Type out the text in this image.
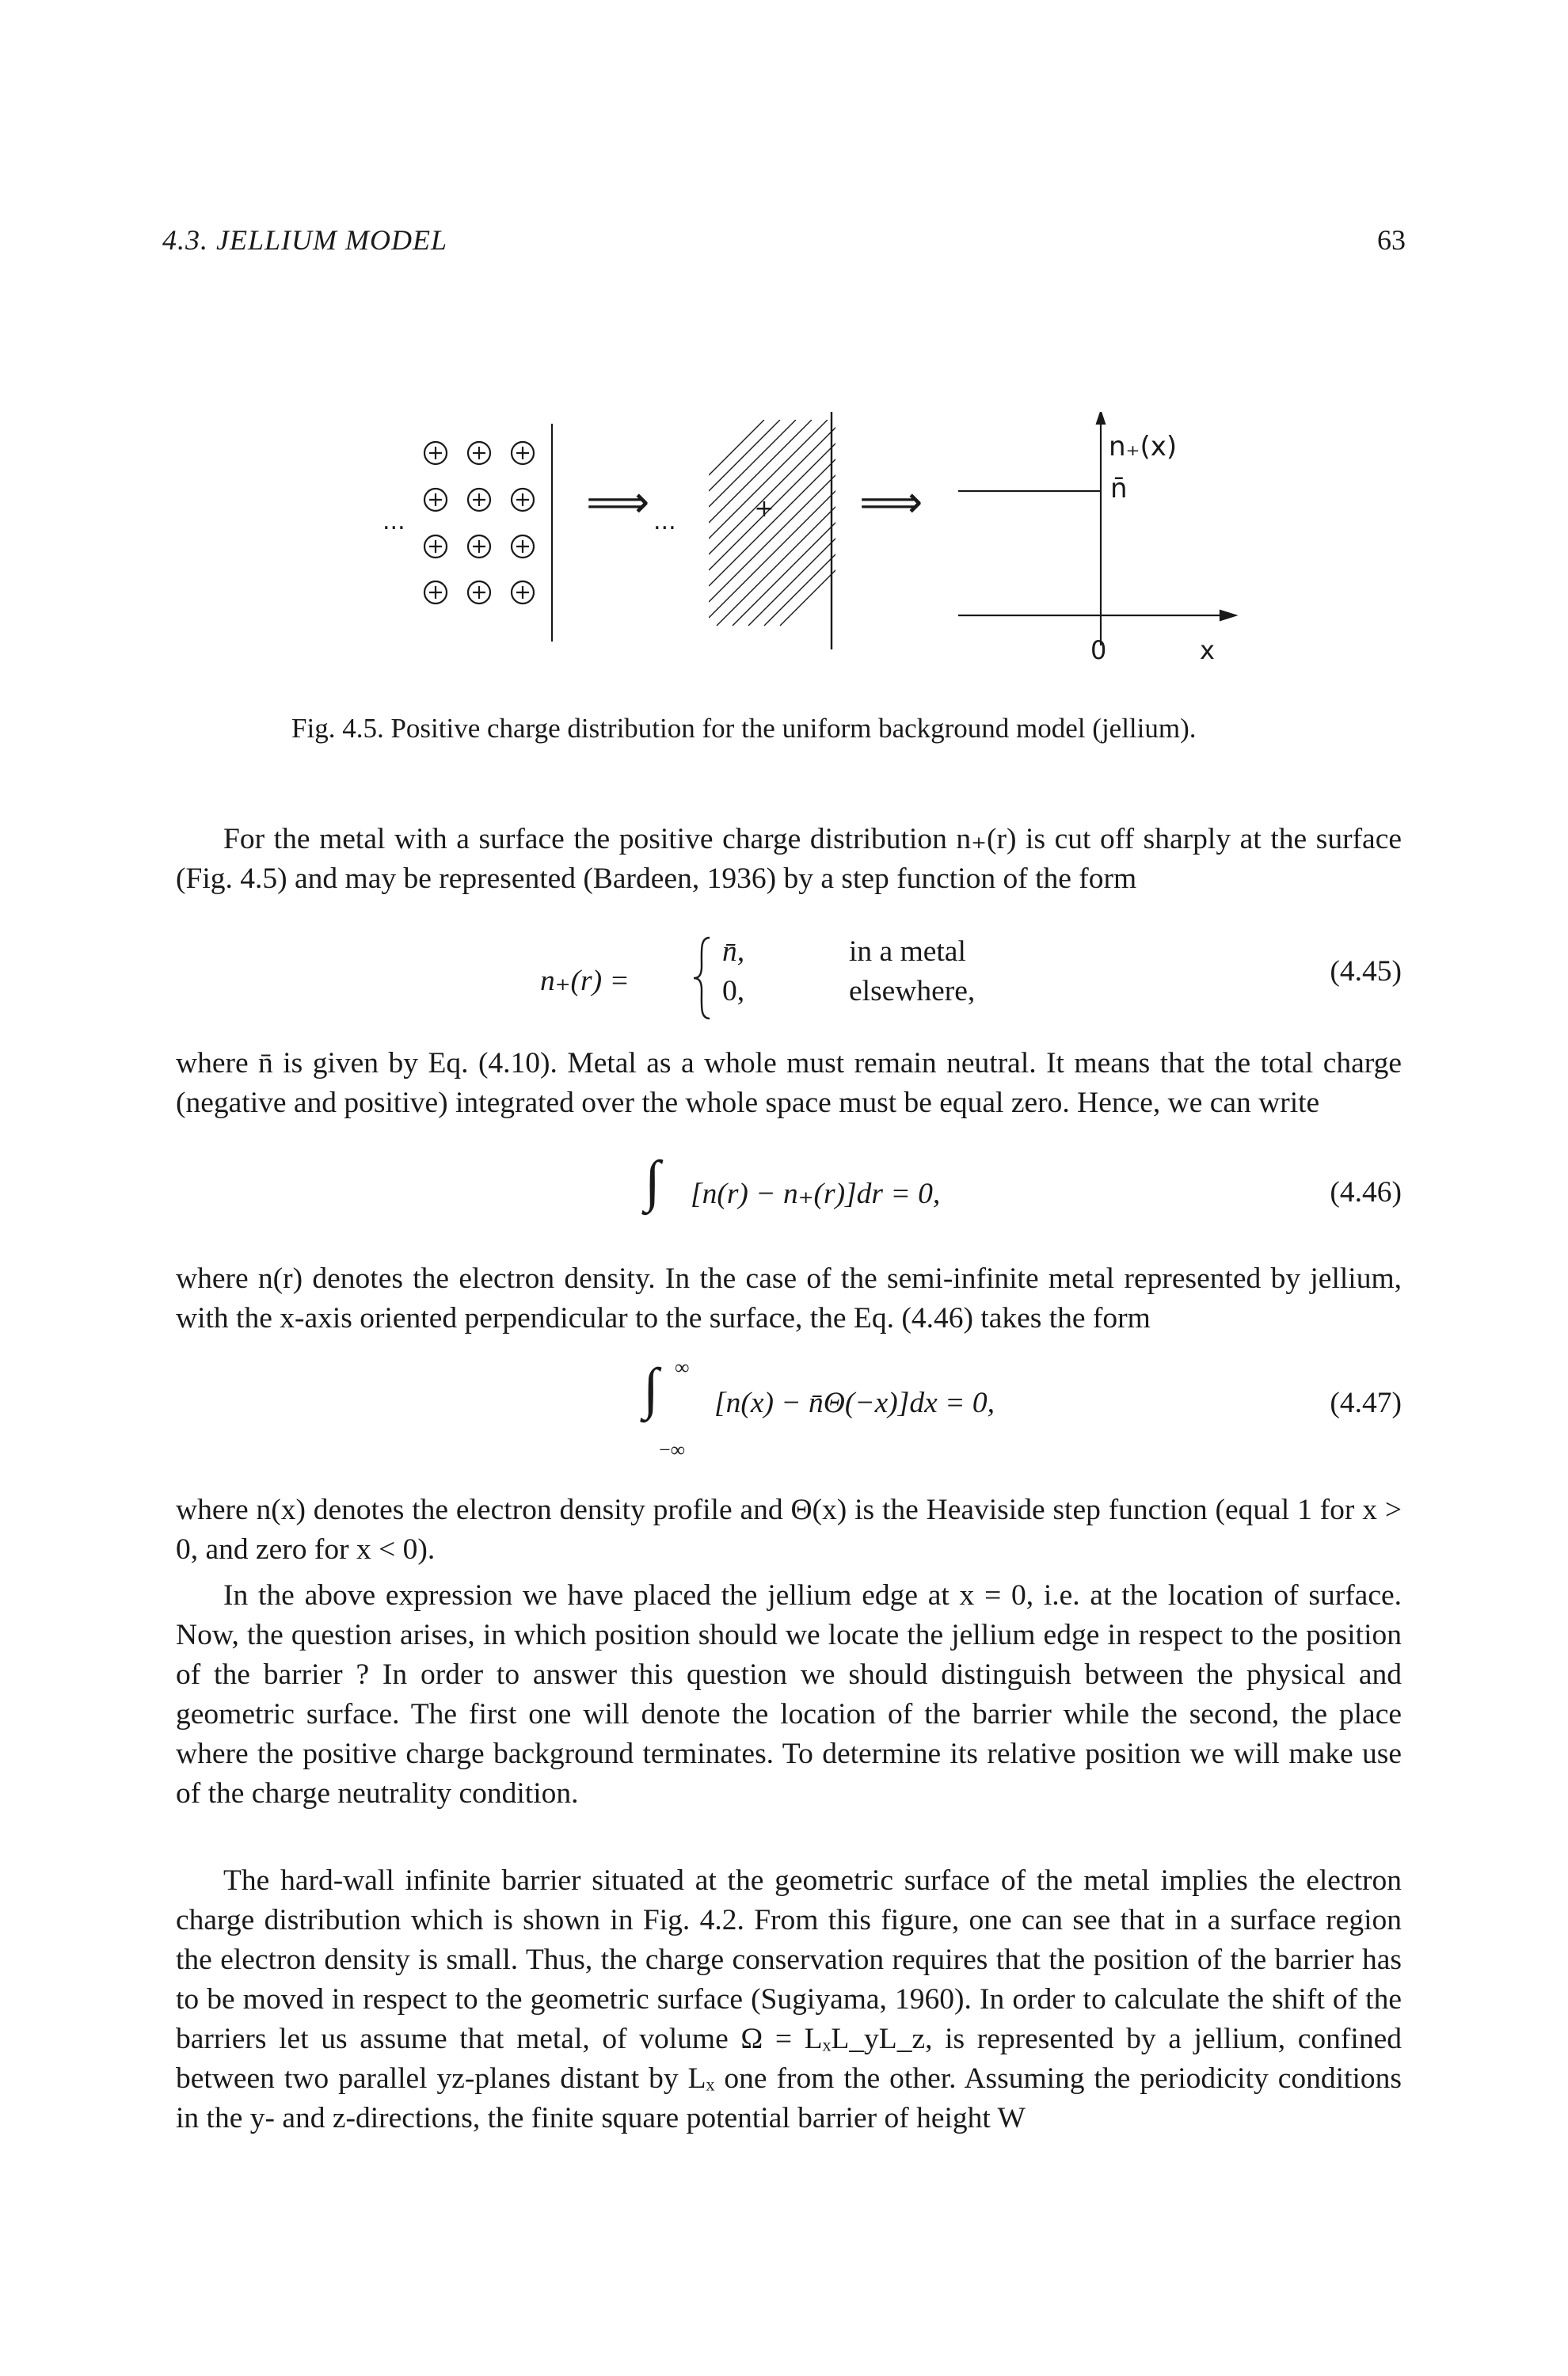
4.3. JELLIUM MODEL	63
...	⟹ ...	+ ⟹
n₊(x)
n̄
0	x
Fig. 4.5. Positive charge distribution for the uniform background model (jellium).

For the metal with a surface the positive charge distribution n₊(r) is cut off sharply at the surface (Fig. 4.5) and may be represented (Bardeen, 1936) by a step function of the form

n₊(r) =
n̄,	in a metal
0,	elsewhere,
(4.45)

where n̄ is given by Eq. (4.10). Metal as a whole must remain neutral. It means that the total charge (negative and positive) integrated over the whole space must be equal zero. Hence, we can write

∫ [n(r) − n₊(r)]dr = 0,	(4.46)

where n(r) denotes the electron density. In the case of the semi-infinite metal represented by jellium, with the x-axis oriented perpendicular to the surface, the Eq. (4.46) takes the form

∫ ∞
−∞
[n(x) − n̄Θ(−x)]dx = 0,	(4.47)

where n(x) denotes the electron density profile and Θ(x) is the Heaviside step function (equal 1 for x > 0, and zero for x < 0).

In the above expression we have placed the jellium edge at x = 0, i.e. at the location of surface. Now, the question arises, in which position should we locate the jellium edge in respect to the position of the barrier ? In order to answer this question we should distinguish between the physical and geometric surface. The first one will denote the location of the barrier while the second, the place where the positive charge background terminates. To determine its relative position we will make use of the charge neutrality condition.

The hard-wall infinite barrier situated at the geometric surface of the metal implies the electron charge distribution which is shown in Fig. 4.2. From this figure, one can see that in a surface region the electron density is small. Thus, the charge conservation requires that the position of the barrier has to be moved in respect to the geometric surface (Sugiyama, 1960). In order to calculate the shift of the barriers let us assume that metal, of volume Ω = LₓL_yL_z, is represented by a jellium, confined between two parallel yz-planes distant by Lₓ one from the other. Assuming the periodicity conditions in the y- and z-directions, the finite square potential barrier of height W
